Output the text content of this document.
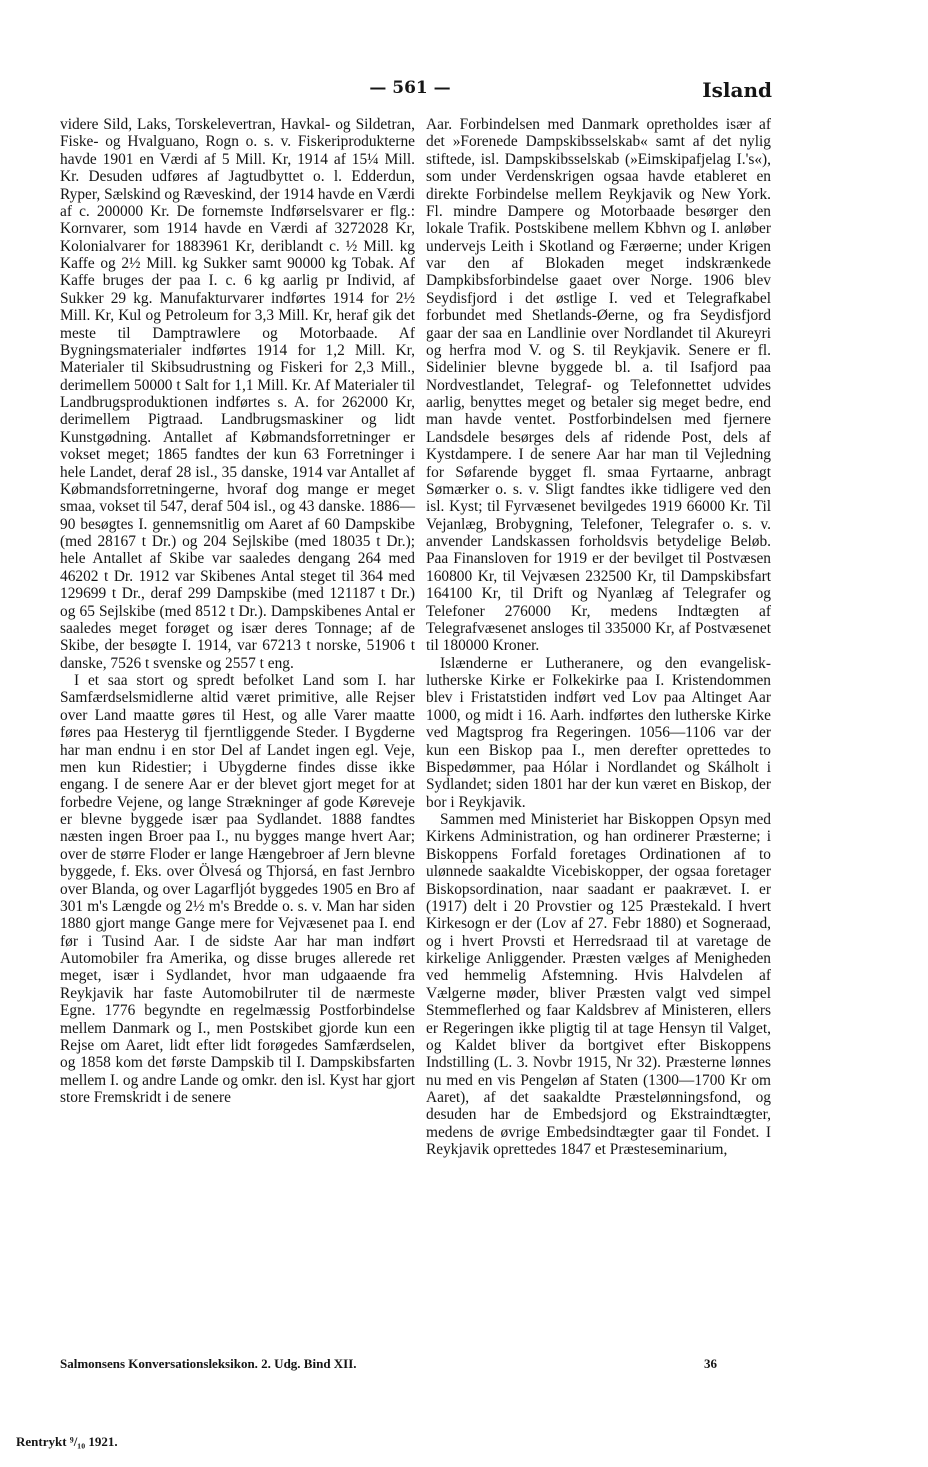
— 561 —	Island

videre Sild, Laks, Torskelevertran, Havkal- og Sildetran, Fiske- og Hvalguano, Rogn o. s. v. Fiskeriprodukterne havde 1901 en Værdi af 5 Mill. Kr, 1914 af 15¼ Mill. Kr. Desuden udføres af Jagtudbyttet o. l. Edderdun, Ryper, Sælskind og Ræveskind, der 1914 havde en Værdi af c. 200000 Kr. De fornemste Indførselsvarer er flg.: Kornvarer, som 1914 havde en Værdi af 3272028 Kr, Kolonialvarer for 1883961 Kr, deriblandt c. ½ Mill. kg Kaffe og 2½ Mill. kg Sukker samt 90000 kg Tobak. Af Kaffe bruges der paa I. c. 6 kg aarlig pr Individ, af Sukker 29 kg. Manufakturvarer indførtes 1914 for 2½ Mill. Kr, Kul og Petroleum for 3,3 Mill. Kr, heraf gik det meste til Damptrawlere og Motorbaade. Af Bygningsmaterialer indførtes 1914 for 1,2 Mill. Kr, Materialer til Skibsudrustning og Fiskeri for 2,3 Mill., derimellem 50000 t Salt for 1,1 Mill. Kr. Af Materialer til Landbrugsproduktionen indførtes s. A. for 262000 Kr, derimellem Pigtraad. Landbrugsmaskiner og lidt Kunstgødning. Antallet af Købmandsforretninger er vokset meget; 1865 fandtes der kun 63 Forretninger i hele Landet, deraf 28 isl., 35 danske, 1914 var Antallet af Købmandsforretningerne, hvoraf dog mange er meget smaa, vokset til 547, deraf 504 isl., og 43 danske. 1886—90 besøgtes I. gennemsnitlig om Aaret af 60 Dampskibe (med 28167 t Dr.) og 204 Sejlskibe (med 18035 t Dr.); hele Antallet af Skibe var saaledes dengang 264 med 46202 t Dr. 1912 var Skibenes Antal steget til 364 med 129699 t Dr., deraf 299 Dampskibe (med 121187 t Dr.) og 65 Sejlskibe (med 8512 t Dr.). Dampskibenes Antal er saaledes meget forøget og især deres Tonnage; af de Skibe, der besøgte I. 1914, var 67213 t norske, 51906 t danske, 7526 t svenske og 2557 t eng.

I et saa stort og spredt befolket Land som I. har Samfærdselsmidlerne altid været primitive, alle Rejser over Land maatte gøres til Hest, og alle Varer maatte føres paa Hesteryg til fjerntliggende Steder. I Bygderne har man endnu i en stor Del af Landet ingen egl. Veje, men kun Ridestier; i Ubygderne findes disse ikke engang. I de senere Aar er der blevet gjort meget for at forbedre Vejene, og lange Strækninger af gode Køreveje er blevne byggede især paa Sydlandet. 1888 fandtes næsten ingen Broer paa I., nu bygges mange hvert Aar; over de større Floder er lange Hængebroer af Jern blevne byggede, f. Eks. over Ölvesá og Thjorsá, en fast Jernbro over Blanda, og over Lagarfljót byggedes 1905 en Bro af 301 m's Længde og 2½ m's Bredde o. s. v. Man har siden 1880 gjort mange Gange mere for Vejvæsenet paa I. end før i Tusind Aar. I de sidste Aar har man indført Automobiler fra Amerika, og disse bruges allerede ret meget, især i Sydlandet, hvor man udgaaende fra Reykjavik har faste Automobilruter til de nærmeste Egne. 1776 begyndte en regelmæssig Postforbindelse mellem Danmark og I., men Postskibet gjorde kun een Rejse om Aaret, lidt efter lidt forøgedes Samfærdselen, og 1858 kom det første Dampskib til I. Dampskibsfarten mellem I. og andre Lande og omkr. den isl. Kyst har gjort store Fremskridt i de senere

Aar. Forbindelsen med Danmark opretholdes især af det »Forenede Dampskibsselskab« samt af det nylig stiftede, isl. Dampskibsselskab (»Eimskipafjelag I.'s«), som under Verdenskrigen ogsaa havde etableret en direkte Forbindelse mellem Reykjavik og New York. Fl. mindre Dampere og Motorbaade besørger den lokale Trafik. Postskibene mellem Kbhvn og I. anløber undervejs Leith i Skotland og Færøerne; under Krigen var den af Blokaden meget indskrænkede Dampkibsforbindelse gaaet over Norge. 1906 blev Seydisfjord i det østlige I. ved et Telegrafkabel forbundet med Shetlands-Øerne, og fra Seydisfjord gaar der saa en Landlinie over Nordlandet til Akureyri og herfra mod V. og S. til Reykjavik. Senere er fl. Sidelinier blevne byggede bl. a. til Isafjord paa Nordvestlandet, Telegraf- og Telefonnettet udvides aarlig, benyttes meget og betaler sig meget bedre, end man havde ventet. Postforbindelsen med fjernere Landsdele besørges dels af ridende Post, dels af Kystdampere. I de senere Aar har man til Vejledning for Søfarende bygget fl. smaa Fyrtaarne, anbragt Sømærker o. s. v. Sligt fandtes ikke tidligere ved den isl. Kyst; til Fyrvæsenet bevilgedes 1919 66000 Kr. Til Vejanlæg, Brobygning, Telefoner, Telegrafer o. s. v. anvender Landskassen forholdsvis betydelige Beløb. Paa Finansloven for 1919 er der bevilget til Postvæsen 160800 Kr, til Vejvæsen 232500 Kr, til Dampskibsfart 164100 Kr, til Drift og Nyanlæg af Telegrafer og Telefoner 276000 Kr, medens Indtægten af Telegrafvæsenet ansloges til 335000 Kr, af Postvæsenet til 180000 Kroner.

Islænderne er Lutheranere, og den evangelisk-lutherske Kirke er Folkekirke paa I. Kristendommen blev i Fristatstiden indført ved Lov paa Altinget Aar 1000, og midt i 16. Aarh. indførtes den lutherske Kirke ved Magtsprog fra Regeringen. 1056—1106 var der kun een Biskop paa I., men derefter oprettedes to Bispedømmer, paa Hólar i Nordlandet og Skálholt i Sydlandet; siden 1801 har der kun været en Biskop, der bor i Reykjavik.

Sammen med Ministeriet har Biskoppen Opsyn med Kirkens Administration, og han ordinerer Præsterne; i Biskoppens Forfald foretages Ordinationen af to ulønnede saakaldte Vicebiskopper, der ogsaa foretager Biskopsordination, naar saadant er paakrævet. I. er (1917) delt i 20 Provstier og 125 Præstekald. I hvert Kirkesogn er der (Lov af 27. Febr 1880) et Sogneraad, og i hvert Provsti et Herredsraad til at varetage de kirkelige Anliggender. Præsten vælges af Menigheden ved hemmelig Afstemning. Hvis Halvdelen af Vælgerne møder, bliver Præsten valgt ved simpel Stemmeflerhed og faar Kaldsbrev af Ministeren, ellers er Regeringen ikke pligtig til at tage Hensyn til Valget, og Kaldet bliver da bortgivet efter Biskoppens Indstilling (L. 3. Novbr 1915, Nr 32). Præsterne lønnes nu med en vis Pengeløn af Staten (1300—1700 Kr om Aaret), af det saakaldte Præstelønningsfond, og desuden har de Embedsjord og Ekstraindtægter, medens de øvrige Embedsindtægter gaar til Fondet. I Reykjavik oprettedes 1847 et Præsteseminarium,

Salmonsens Konversationsleksikon. 2. Udg. Bind XII.	36
Rentrykt ⁹/₁₀ 1921.
